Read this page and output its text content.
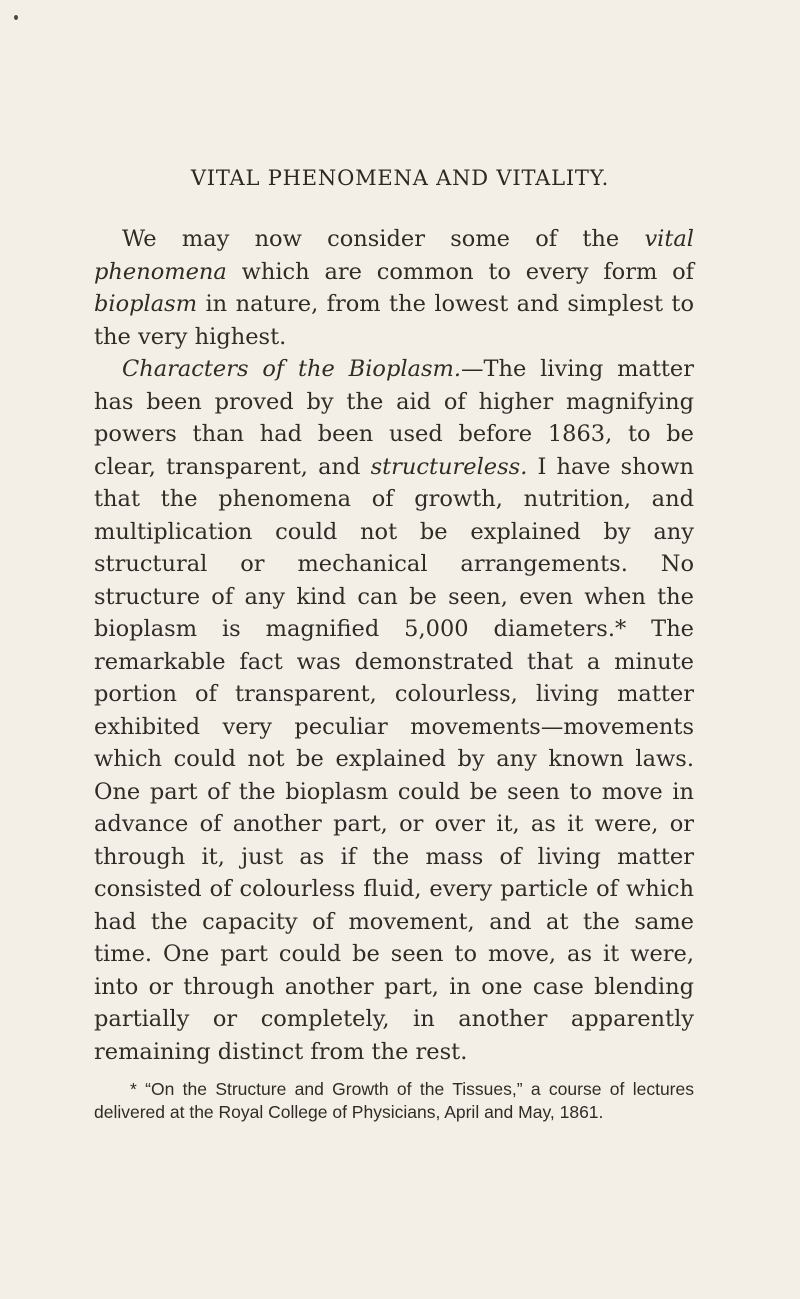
VITAL PHENOMENA AND VITALITY.

We may now consider some of the vital phenomena which are common to every form of bioplasm in nature, from the lowest and simplest to the very highest.

Characters of the Bioplasm.—The living matter has been proved by the aid of higher magnifying powers than had been used before 1863, to be clear, transparent, and structureless. I have shown that the phenomena of growth, nutrition, and multiplication could not be explained by any structural or mechanical arrangements. No structure of any kind can be seen, even when the bioplasm is magnified 5,000 diameters.* The remarkable fact was demonstrated that a minute portion of transparent, colourless, living matter exhibited very peculiar movements—movements which could not be explained by any known laws. One part of the bioplasm could be seen to move in advance of another part, or over it, as it were, or through it, just as if the mass of living matter consisted of colourless fluid, every particle of which had the capacity of movement, and at the same time. One part could be seen to move, as it were, into or through another part, in one case blending partially or completely, in another apparently remaining distinct from the rest.

* “On the Structure and Growth of the Tissues,” a course of lectures delivered at the Royal College of Physicians, April and May, 1861.
